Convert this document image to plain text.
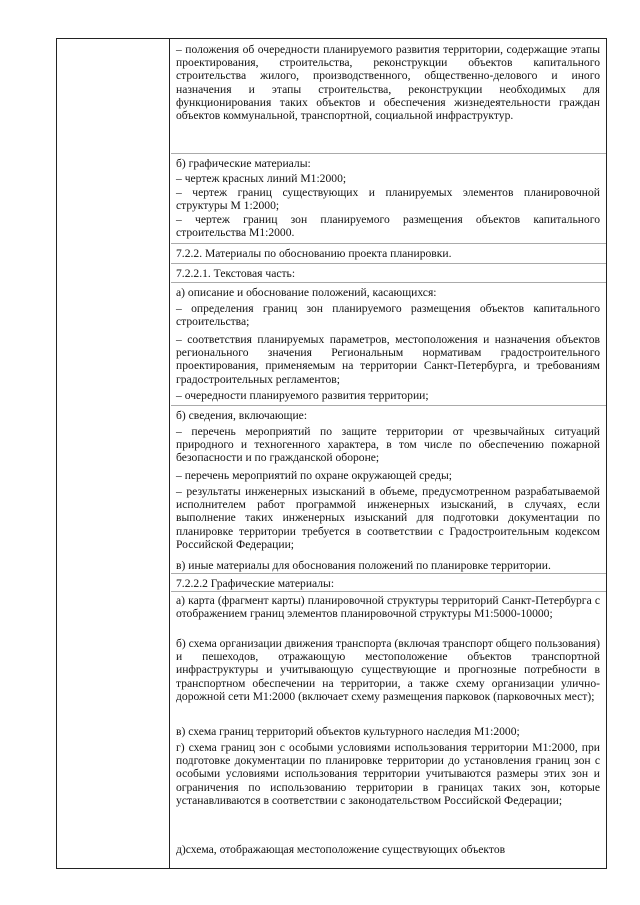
– положения об очередности планируемого развития территории, содержащие этапы проектирования, строительства, реконструкции объектов капитального строительства жилого, производственного, общественно-делового и иного назначения и этапы строительства, реконструкции необходимых для функционирования таких объектов и обеспечения жизнедеятельности граждан объектов коммунальной, транспортной, социальной инфраструктур.
б) графические материалы:
– чертеж красных линий М1:2000;
– чертеж границ существующих и планируемых элементов планировочной структуры М 1:2000;
– чертеж границ зон планируемого размещения объектов капитального строительства М1:2000.
7.2.2. Материалы по обоснованию проекта планировки.
7.2.2.1. Текстовая часть:
а) описание и обоснование положений, касающихся:
– определения границ зон планируемого размещения объектов капитального строительства;
– соответствия планируемых параметров, местоположения и назначения объектов регионального значения Региональным нормативам градостроительного проектирования, применяемым на территории Санкт-Петербурга, и требованиям градостроительных регламентов;
– очередности планируемого развития территории;
б) сведения, включающие:
– перечень мероприятий по защите территории от чрезвычайных ситуаций природного и техногенного характера, в том числе по обеспечению пожарной безопасности и по гражданской обороне;
– перечень мероприятий по охране окружающей среды;
– результаты инженерных изысканий в объеме, предусмотренном разрабатываемой исполнителем работ программой инженерных изысканий, в случаях, если выполнение таких инженерных изысканий для подготовки документации по планировке территории требуется в соответствии с Градостроительным кодексом Российской Федерации;
в) иные материалы для обоснования положений по планировке территории.
7.2.2.2 Графические материалы:
а) карта (фрагмент карты) планировочной структуры территорий Санкт-Петербурга с отображением границ элементов планировочной структуры М1:5000-10000;
б) схема организации движения транспорта (включая транспорт общего пользования) и пешеходов, отражающую местоположение объектов транспортной инфраструктуры и учитывающую существующие и прогнозные потребности в транспортном обеспечении на территории, а также схему организации улично-дорожной сети М1:2000 (включает схему размещения парковок (парковочных мест);
в) схема границ территорий объектов культурного наследия М1:2000;
г) схема границ зон с особыми условиями использования территории М1:2000, при подготовке документации по планировке территории до установления границ зон с особыми условиями использования территории учитываются размеры этих зон и ограничения по использованию территории в границах таких зон, которые устанавливаются в соответствии с законодательством Российской Федерации;
д)схема, отображающая местоположение существующих объектов
